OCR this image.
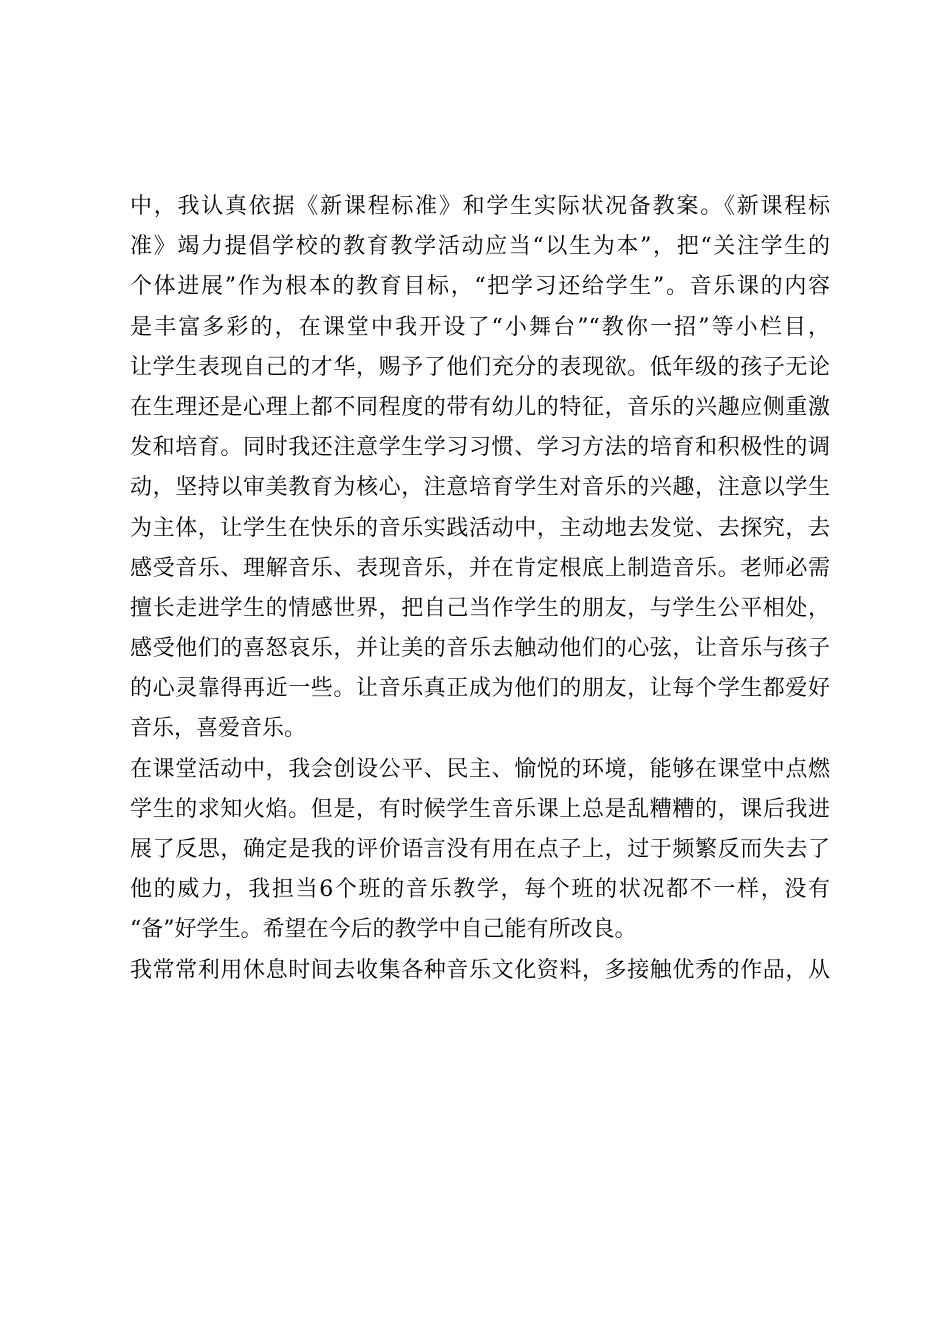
中，我认真依据《新课程标准》和学生实际状况备教案。《新课程标
准》竭力提倡学校的教育教学活动应当“以生为本”，把“关注学生的
个体进展”作为根本的教育目标，“把学习还给学生”。音乐课的内容
是丰富多彩的，在课堂中我开设了“小舞台”“教你一招”等小栏目，
让学生表现自己的才华，赐予了他们充分的表现欲。低年级的孩子无论
在生理还是心理上都不同程度的带有幼儿的特征，音乐的兴趣应侧重激
发和培育。同时我还注意学生学习习惯、学习方法的培育和积极性的调
动，坚持以审美教育为核心，注意培育学生对音乐的兴趣，注意以学生
为主体，让学生在快乐的音乐实践活动中，主动地去发觉、去探究，去
感受音乐、理解音乐、表现音乐，并在肯定根底上制造音乐。老师必需
擅长走进学生的情感世界，把自己当作学生的朋友，与学生公平相处，
感受他们的喜怒哀乐，并让美的音乐去触动他们的心弦，让音乐与孩子
的心灵靠得再近一些。让音乐真正成为他们的朋友，让每个学生都爱好
音乐，喜爱音乐。
在课堂活动中，我会创设公平、民主、愉悦的环境，能够在课堂中点燃
学生的求知火焰。但是，有时候学生音乐课上总是乱糟糟的，课后我进
展了反思，确定是我的评价语言没有用在点子上，过于频繁反而失去了
他的威力，我担当6个班的音乐教学，每个班的状况都不一样，没有
“备”好学生。希望在今后的教学中自己能有所改良。
我常常利用休息时间去收集各种音乐文化资料，多接触优秀的作品，从
